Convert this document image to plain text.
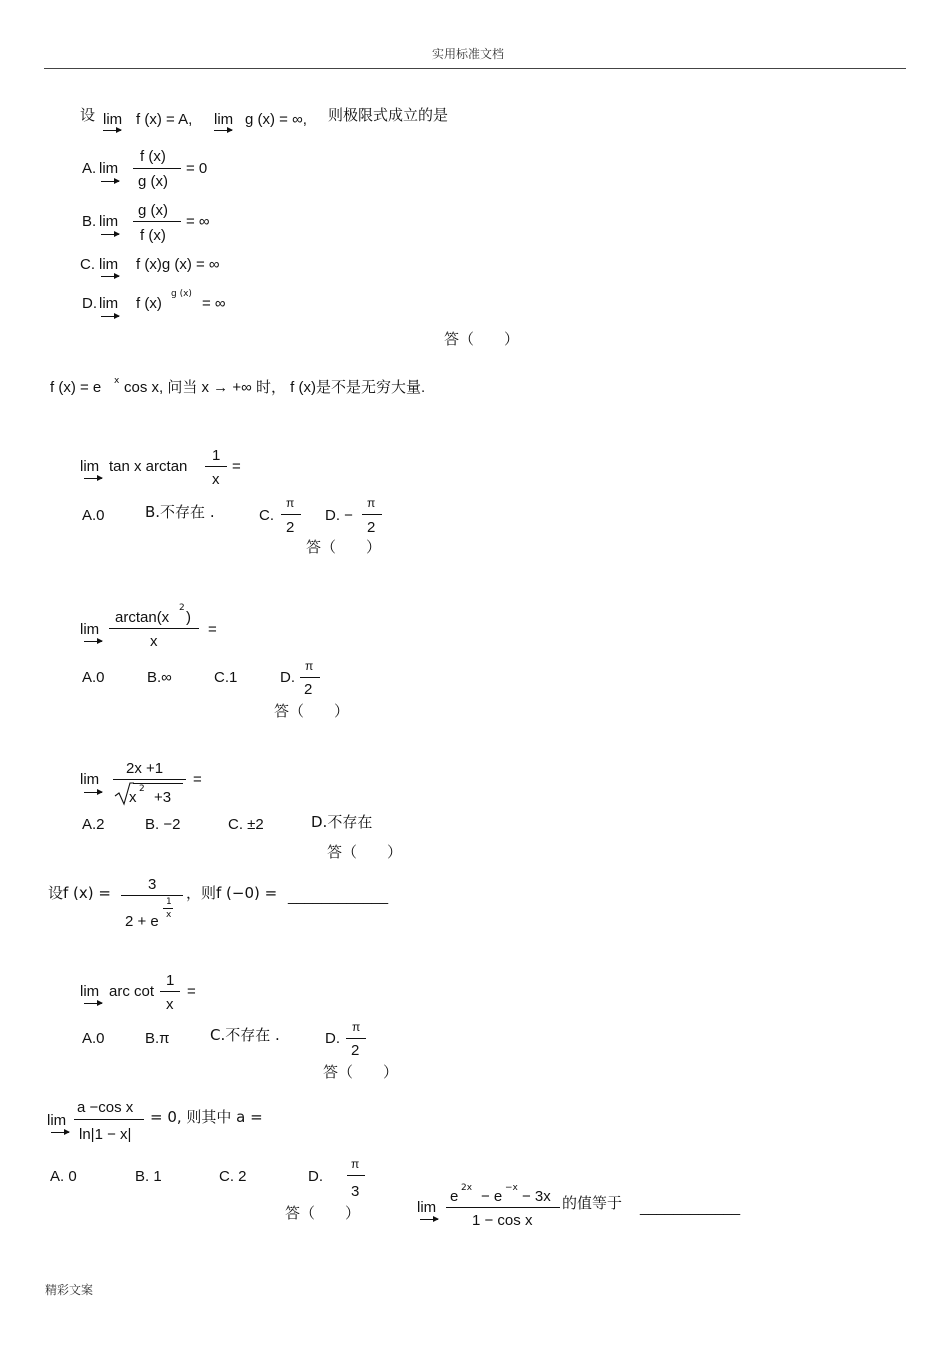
实用标准文档
设 lim f (x) = A, lim g (x) = ∞, 则极限式成立的是
A. lim
f (x)
g (x)
= 0
B. lim
g (x)
f (x)
= ∞
C. lim f (x)g (x) = ∞
D. lim f (x)
g (x)
= ∞
答（　　）
f (x) = e x cos x, 问当 x → +∞ 时， f (x)是不是无穷大量.
lim tan x arctan
1
x
=
A.0	B.不存在 .	C.
π
2
D. −
π
2
答（　　）
lim
arctan(x
2
)
x
=
A.0	B.∞	C.1	D.
π
2
答（　　）
lim
2x +1
x 2 +3
=
A.2	B. −2	C. ±2	D.不存在
答（　　）
设f (x) = 3
2 + e
1
x
，则f (−0) = ____________
lim arc cot
1
x
=
A.0	B.π	C.不存在 .	D.
π
2
答（　　）
lim
a −cos x
ln|1 − x|
= 0, 则其中 a =
A. 0	B. 1	C. 2	D.
π
3
答（　　）	lim
e 2x − e −x − 3x
1 − cos x
的值等于 ____________
精彩文案
